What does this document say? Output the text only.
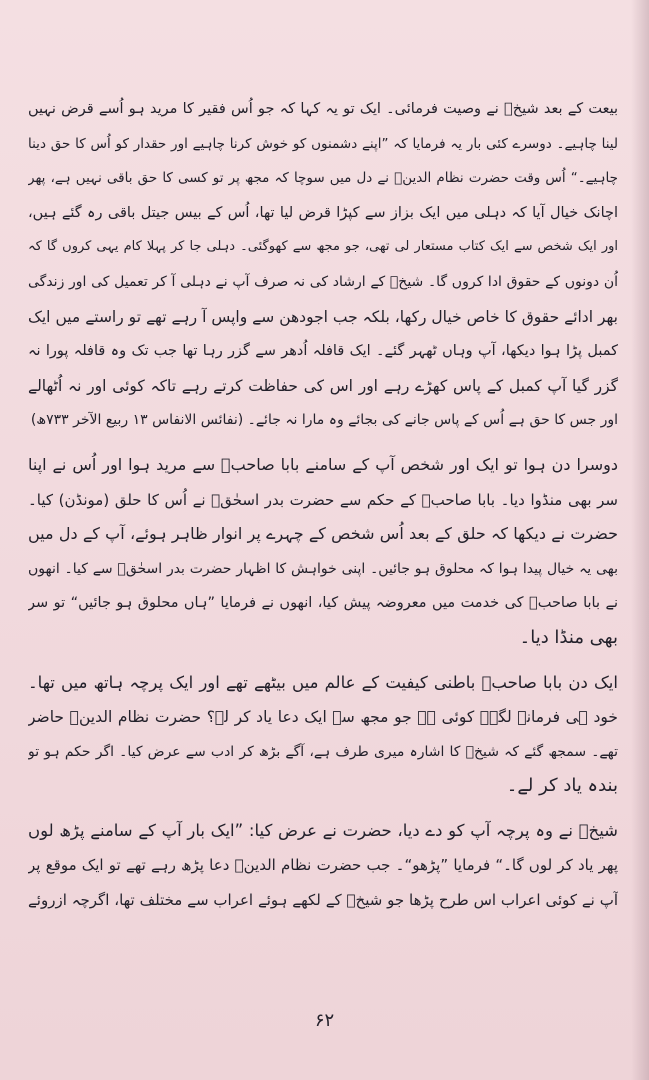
بیعت کے بعد شیخؒ نے وصیت فرمائی۔ ایک تو یہ کہا کہ جو اُس فقیر کا مرید ہو اُسے قرض نہیں
لینا چاہیے۔ دوسرے کئی بار یہ فرمایا کہ ”اپنے دشمنوں کو خوش کرنا چاہیے اور حقدار کو اُس کا حق دینا
چاہیے۔“ اُس وقت حضرت نظام الدینؒ نے دل میں سوچا کہ مجھ پر تو کسی کا حق باقی نہیں ہے، پھر
اچانک خیال آیا کہ دہلی میں ایک بزاز سے کپڑا قرض لیا تھا، اُس کے بیس جیتل باقی رہ گئے ہیں،
اور ایک شخص سے ایک کتاب مستعار لی تھی، جو مجھ سے کھوگئی۔ دہلی جا کر پہلا کام یہی کروں گا کہ
اُن دونوں کے حقوق ادا کروں گا۔ شیخؒ کے ارشاد کی نہ صرف آپ نے دہلی آ کر تعمیل کی اور زندگی
بھر ادائے حقوق کا خاص خیال رکھا، بلکہ جب اجودھن سے واپس آ رہے تھے تو راستے میں ایک
کمبل پڑا ہوا دیکھا، آپ وہاں ٹھہر گئے۔ ایک قافلہ اُدھر سے گزر رہا تھا جب تک وہ قافلہ پورا نہ
گزر گیا آپ کمبل کے پاس کھڑے رہے اور اس کی حفاظت کرتے رہے تاکہ کوئی اور نہ اُٹھالے
اور جس کا حق ہے اُس کے پاس جانے کی بجائے وہ مارا نہ جائے۔ (نفائس الانفاس ۱۳ ربیع الآخر ۷۳۳ھ)
دوسرا دن ہوا تو ایک اور شخص آپ کے سامنے بابا صاحبؒ سے مرید ہوا اور اُس نے اپنا
سر بھی منڈوا دیا۔ بابا صاحبؒ کے حکم سے حضرت بدر اسحٰقؒ نے اُس کا حلق (مونڈن) کیا۔
حضرت نے دیکھا کہ حلق کے بعد اُس شخص کے چہرے پر انوار ظاہر ہوئے، آپ کے دل میں
بھی یہ خیال پیدا ہوا کہ محلوق ہو جائیں۔ اپنی خواہش کا اظہار حضرت بدر اسحٰقؒ سے کیا۔ انھوں
نے بابا صاحبؒ کی خدمت میں معروضہ پیش کیا، انھوں نے فرمایا ”ہاں محلوق ہو جائیں“ تو سر
بھی منڈا دیا۔
ایک دن بابا صاحبؒ باطنی کیفیت کے عالم میں بیٹھے تھے اور ایک پرچہ ہاتھ میں تھا۔
خود ہی فرمانے لگے۔ کوئی ہے جو مجھ سے ایک دعا یاد کر لے؟ حضرت نظام الدینؒ حاضر
تھے۔ سمجھ گئے کہ شیخؒ کا اشارہ میری طرف ہے، آگے بڑھ کر ادب سے عرض کیا۔ اگر حکم ہو تو
بندہ یاد کر لے۔
شیخؒ نے وہ پرچہ آپ کو دے دیا، حضرت نے عرض کیا: ”ایک بار آپ کے سامنے پڑھ لوں
پھر یاد کر لوں گا۔“ فرمایا ”پڑھو“۔ جب حضرت نظام الدینؒ دعا پڑھ رہے تھے تو ایک موقع پر
آپ نے کوئی اعراب اس طرح پڑھا جو شیخؒ کے لکھے ہوئے اعراب سے مختلف تھا، اگرچہ ازروئے
۶۲
